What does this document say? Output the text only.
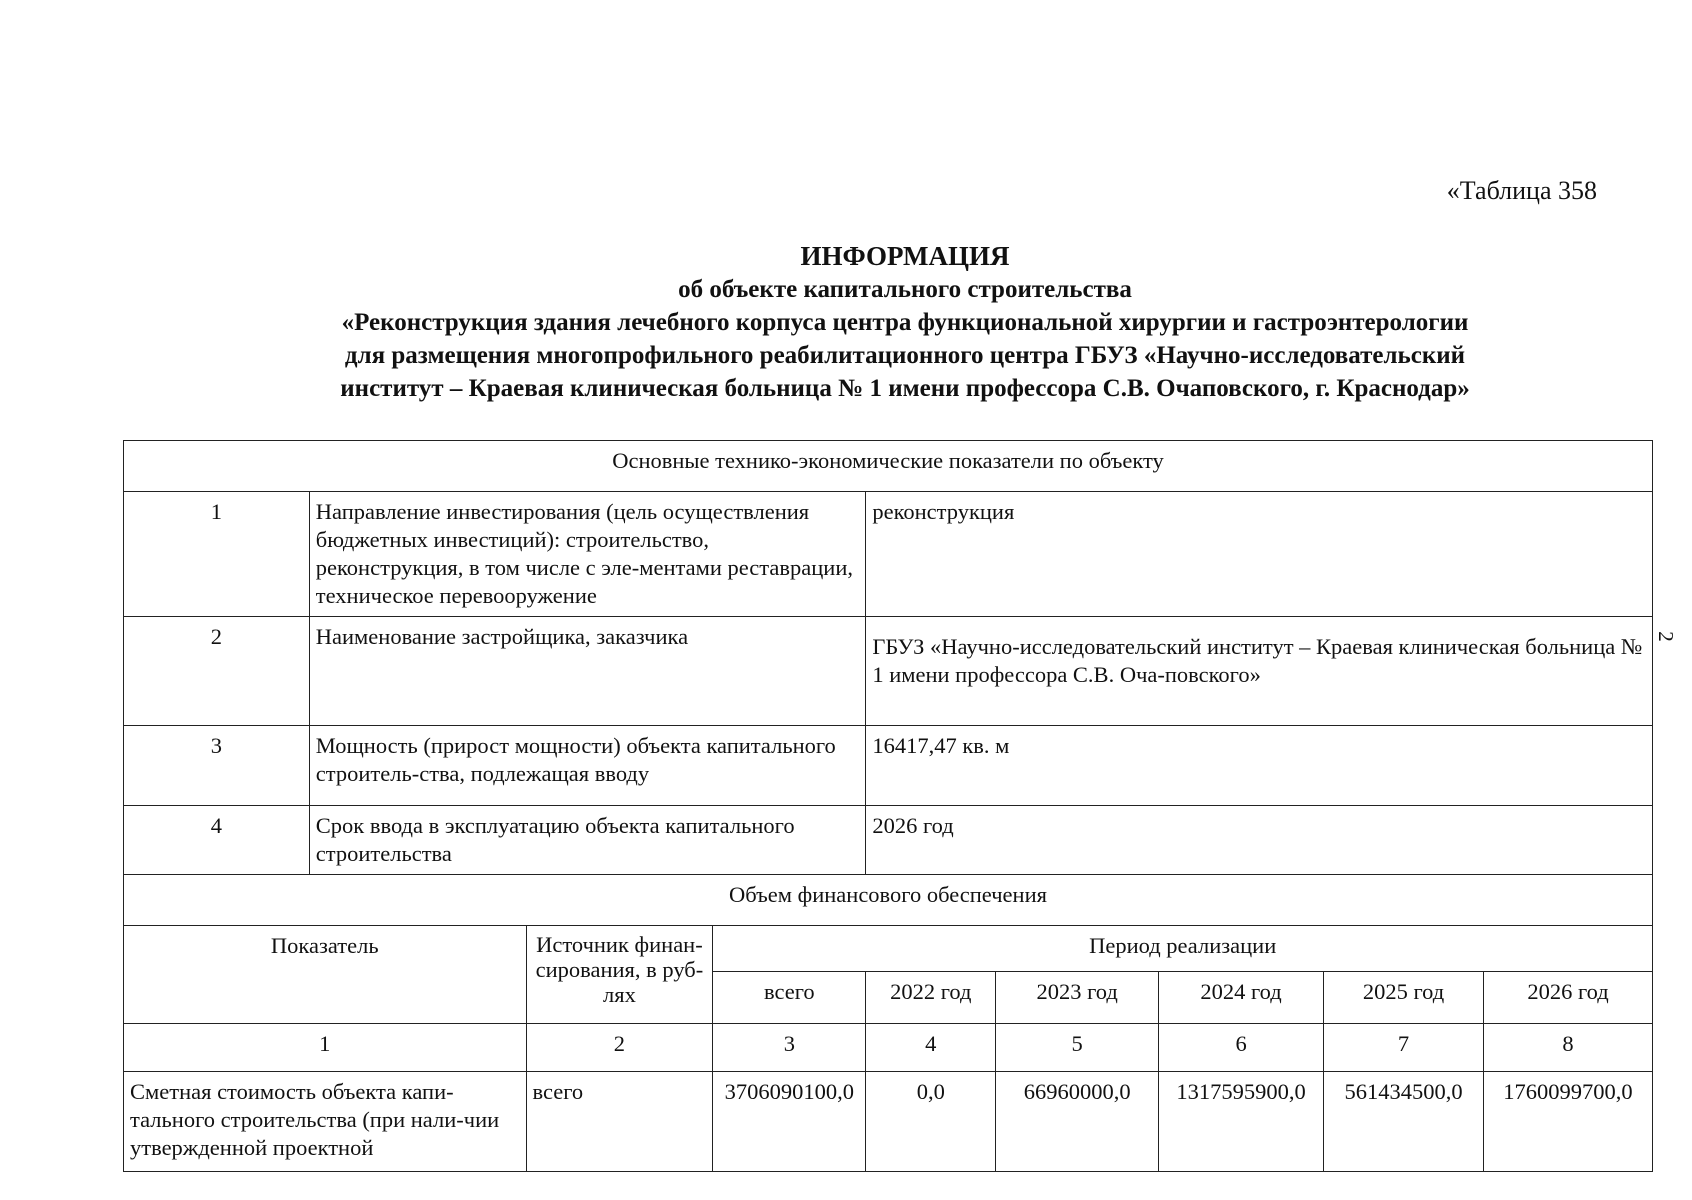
2
«Таблица 358
ИНФОРМАЦИЯ
об объекте капитального строительства
«Реконструкция здания лечебного корпуса центра функциональной хирургии и гастроэнтерологии
для размещения многопрофильного реабилитационного центра ГБУЗ «Научно-исследовательский
институт – Краевая клиническая больница № 1 имени профессора С.В. Очаповского, г. Краснодар»
Основные технико-экономические показатели по объекту								
1	Направление инвестирования (цель осуществления бюджетных инвестиций): строительство, реконструкция, в том числе с эле-ментами реставрации, техническое перевооружение			реконструкция				
2	Наименование застройщика, заказчика			ГБУЗ «Научно-исследовательский институт – Краевая клиническая больница № 1 имени профессора С.В. Оча-повского»				
3	Мощность (прирост мощности) объекта капитального строитель-ства, подлежащая вводу			16417,47 кв. м				
4	Срок ввода в эксплуатацию объекта капитального строительства			2026 год				
Объем финансового обеспечения								
Показатель		Источник финан-сирования, в руб-лях	Период реализации					
			всего	2022 год	2023 год	2024 год	2025 год	2026 год
1		2	3	4	5	6	7	8
Сметная стоимость объекта капи-тального строительства (при нали-чии утвержденной проектной		всего	3706090100,0	0,0	66960000,0	1317595900,0	561434500,0	1760099700,0
